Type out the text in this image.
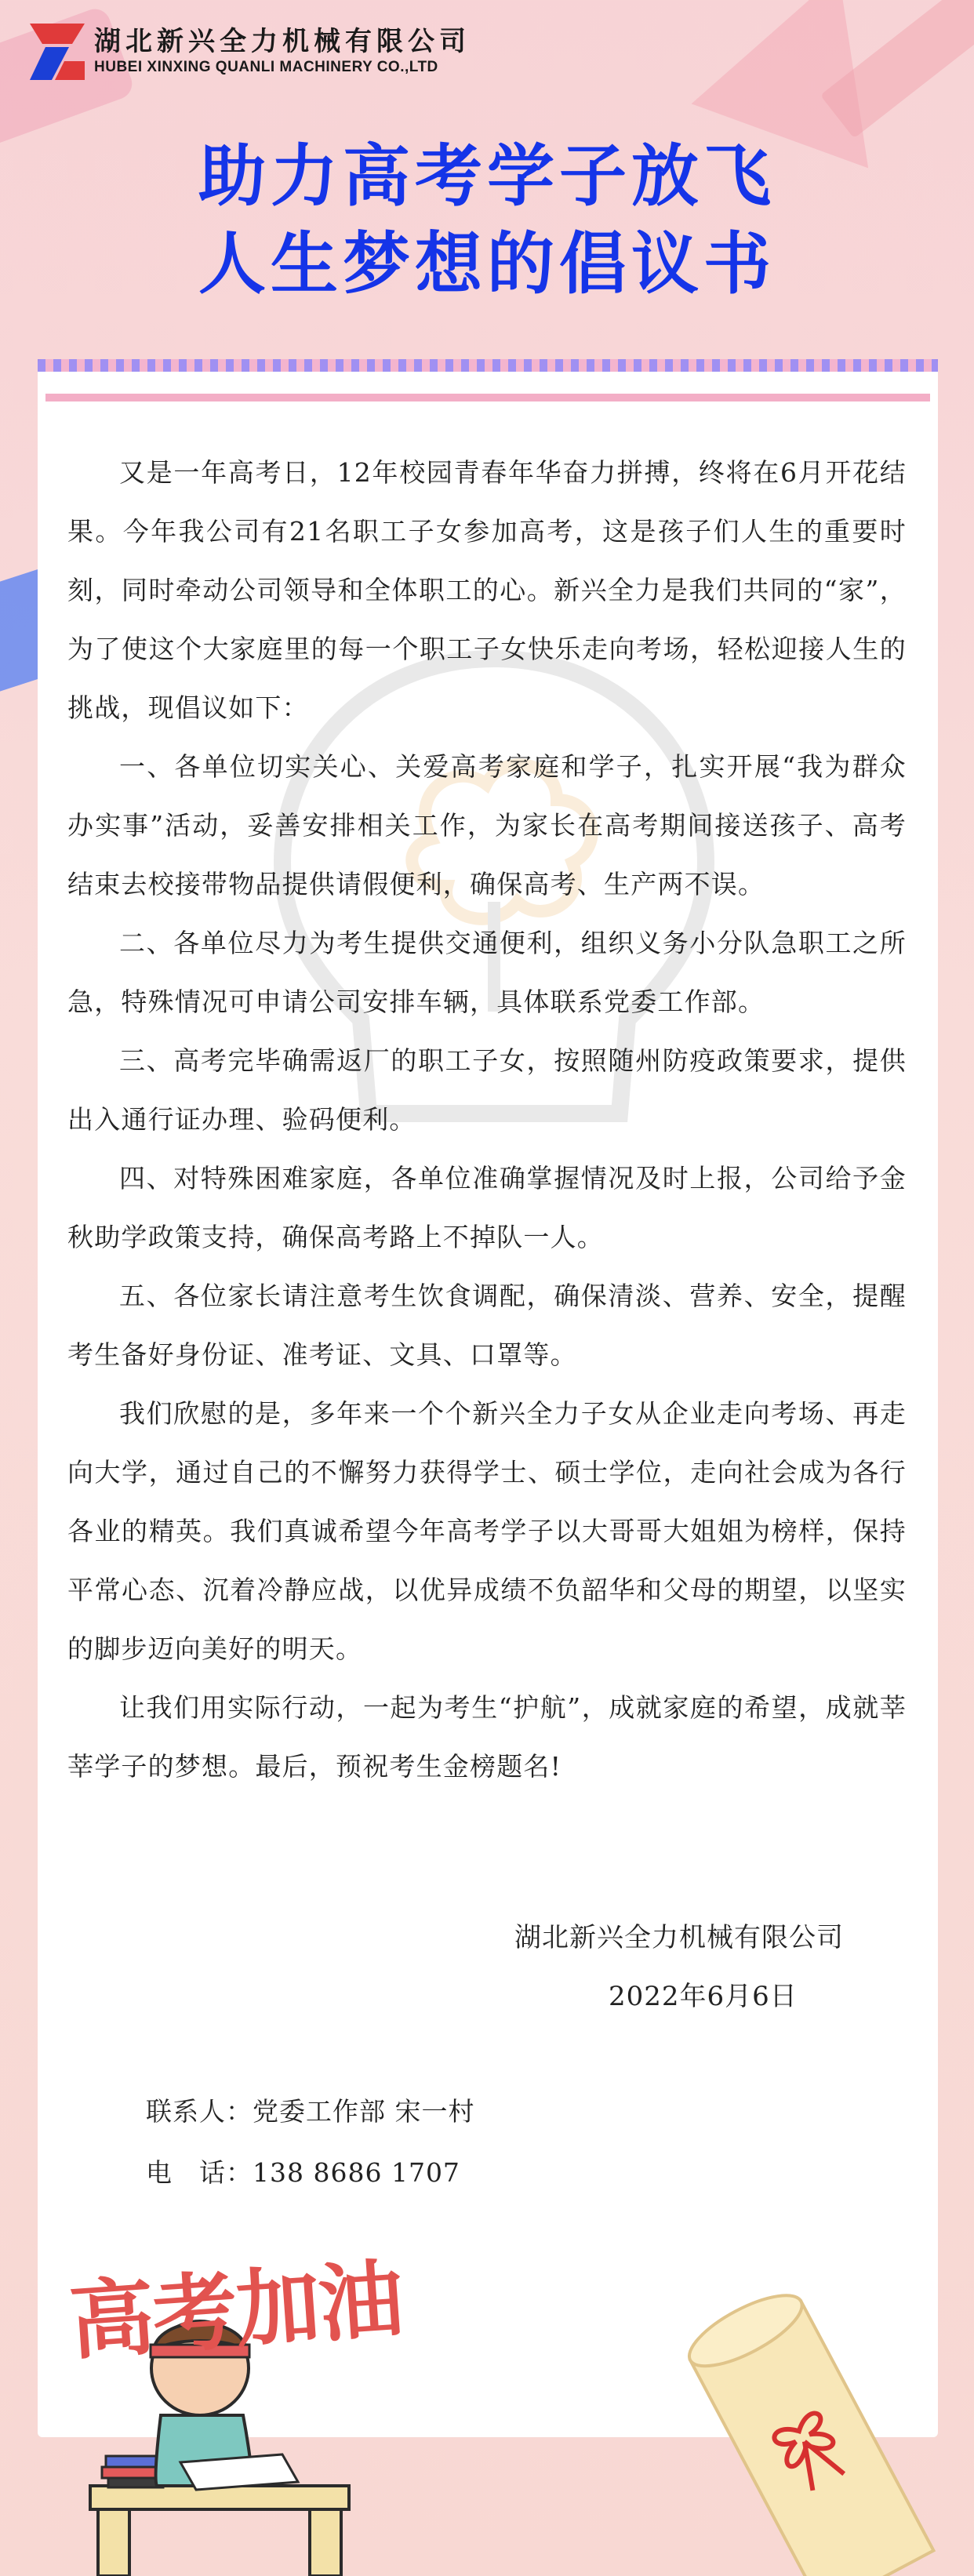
湖北新兴全力机械有限公司
HUBEI XINXING QUANLI MACHINERY CO.,LTD
助力高考学子放飞
人生梦想的倡议书

又是一年高考日，12年校园青春年华奋力拼搏，终将在6月开花结果。今年我公司有21名职工子女参加高考，这是孩子们人生的重要时刻，同时牵动公司领导和全体职工的心。新兴全力是我们共同的“家”，为了使这个大家庭里的每一个职工子女快乐走向考场，轻松迎接人生的挑战，现倡议如下：

一、各单位切实关心、关爱高考家庭和学子，扎实开展“我为群众办实事”活动，妥善安排相关工作，为家长在高考期间接送孩子、高考结束去校接带物品提供请假便利，确保高考、生产两不误。

二、各单位尽力为考生提供交通便利，组织义务小分队急职工之所急，特殊情况可申请公司安排车辆，具体联系党委工作部。

三、高考完毕确需返厂的职工子女，按照随州防疫政策要求，提供出入通行证办理、验码便利。

四、对特殊困难家庭，各单位准确掌握情况及时上报，公司给予金秋助学政策支持，确保高考路上不掉队一人。

五、各位家长请注意考生饮食调配，确保清淡、营养、安全，提醒考生备好身份证、准考证、文具、口罩等。

我们欣慰的是，多年来一个个新兴全力子女从企业走向考场、再走向大学，通过自己的不懈努力获得学士、硕士学位，走向社会成为各行各业的精英。我们真诚希望今年高考学子以大哥哥大姐姐为榜样，保持平常心态、沉着冷静应战，以优异成绩不负韶华和父母的期望，以坚实的脚步迈向美好的明天。

让我们用实际行动，一起为考生“护航”，成就家庭的希望，成就莘莘学子的梦想。最后，预祝考生金榜题名!

湖北新兴全力机械有限公司
2022年6月6日
联系人：党委工作部 宋一村
电　话：138 8686 1707
高考加油
